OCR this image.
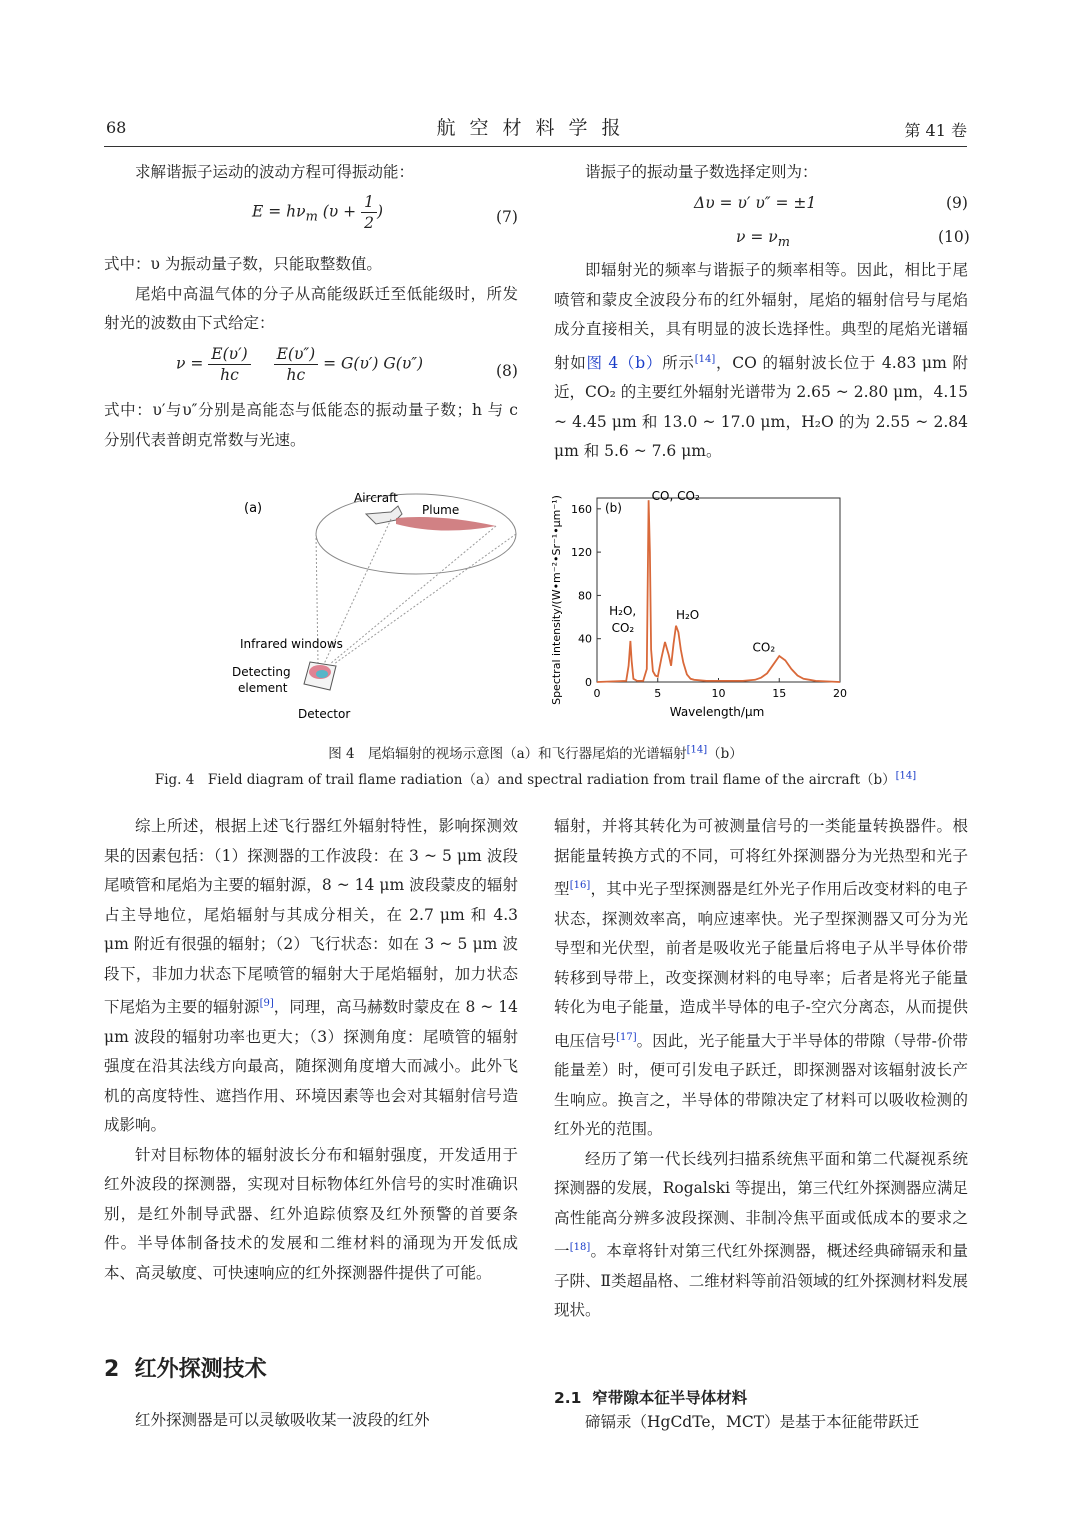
68	航空材料学报	第 41 卷

求解谐振子运动的波动方程可得振动能：

$E = h\nu_m$ ($\upsilon + \frac{1}{2}$ )	(7)

式中：υ 为振动量子数，只能取整数值。

尾焰中高温气体的分子从高能级跃迁至低能级时，所发射光的波数由下式给定：

$\nu = \frac{E(\upsilon')}{hc}$
$\frac{E(\upsilon'')}{hc} = G(\upsilon')$ G(υ″)	(8)

式中：υ′与υ″分别是高能态与低能态的振动量子数；h 与 c 分别代表普朗克常数与光速。

谐振子的振动量子数选择定则为：

Δυ = υ′ υ″ = ±1	(9)
$\nu = \nu_m$	(10)

即辐射光的频率与谐振子的频率相等。因此，相比于尾喷管和蒙皮全波段分布的红外辐射，尾焰的辐射信号与尾焰成分直接相关，具有明显的波长选择性。典型的尾焰光谱辐射如图 4（b）所示[14]，CO 的辐射波长位于 4.83 μm 附近，CO₂ 的主要红外辐射光谱带为 2.65 ~ 2.80 μm，4.15 ~ 4.45 μm 和 13.0 ~ 17.0 μm，H₂O 的为 2.55 ~ 2.84 μm 和 5.6 ~ 7.6 μm。

(a)
Aircraft
Plume
Infrared windows
Detecting
element
Detector
Spectral intensity/(W•m⁻²•Sr⁻¹•μm⁻¹)
Wavelength/μm
(b)
0	5	10	15	20
0
40
80
120
160
CO, CO₂
H₂O,
CO₂
H₂O
CO₂
图 4　尾焰辐射的视场示意图（a）和飞行器尾焰的光谱辐射[14]（b）
Fig. 4　Field diagram of trail flame radiation（a）and spectral radiation from trail flame of the aircraft（b）[14]

综上所述，根据上述飞行器红外辐射特性，影响探测效果的因素包括：（1）探测器的工作波段：在 3 ~ 5 μm 波段尾喷管和尾焰为主要的辐射源，8 ~ 14 μm 波段蒙皮的辐射占主导地位，尾焰辐射与其成分相关，在 2.7 μm 和 4.3 μm 附近有很强的辐射；（2）飞行状态：如在 3 ~ 5 μm 波段下，非加力状态下尾喷管的辐射大于尾焰辐射，加力状态下尾焰为主要的辐射源[9]，同理，高马赫数时蒙皮在 8 ~ 14 μm 波段的辐射功率也更大；（3）探测角度：尾喷管的辐射强度在沿其法线方向最高，随探测角度增大而减小。此外飞机的高度特性、遮挡作用、环境因素等也会对其辐射信号造成影响。

针对目标物体的辐射波长分布和辐射强度，开发适用于红外波段的探测器，实现对目标物体红外信号的实时准确识别，是红外制导武器、红外追踪侦察及红外预警的首要条件。半导体制备技术的发展和二维材料的涌现为开发低成本、高灵敏度、可快速响应的红外探测器件提供了可能。

2 红外探测技术

红外探测器是可以灵敏吸收某一波段的红外

辐射，并将其转化为可被测量信号的一类能量转换器件。根据能量转换方式的不同，可将红外探测器分为光热型和光子型[16]，其中光子型探测器是红外光子作用后改变材料的电子状态，探测效率高，响应速率快。光子型探测器又可分为光导型和光伏型，前者是吸收光子能量后将电子从半导体价带转移到导带上，改变探测材料的电导率；后者是将光子能量转化为电子能量，造成半导体的电子-空穴分离态，从而提供电压信号[17]。因此，光子能量大于半导体的带隙（导带-价带能量差）时，便可引发电子跃迁，即探测器对该辐射波长产生响应。换言之，半导体的带隙决定了材料可以吸收检测的红外光的范围。

经历了第一代长线列扫描系统焦平面和第二代凝视系统探测器的发展，Rogalski 等提出，第三代红外探测器应满足高性能高分辨多波段探测、非制冷焦平面或低成本的要求之一[18]。本章将针对第三代红外探测器，概述经典碲镉汞和量子阱、Ⅱ类超晶格、二维材料等前沿领域的红外探测材料发展现状。

2.1 窄带隙本征半导体材料

碲镉汞（HgCdTe，MCT）是基于本征能带跃迁
